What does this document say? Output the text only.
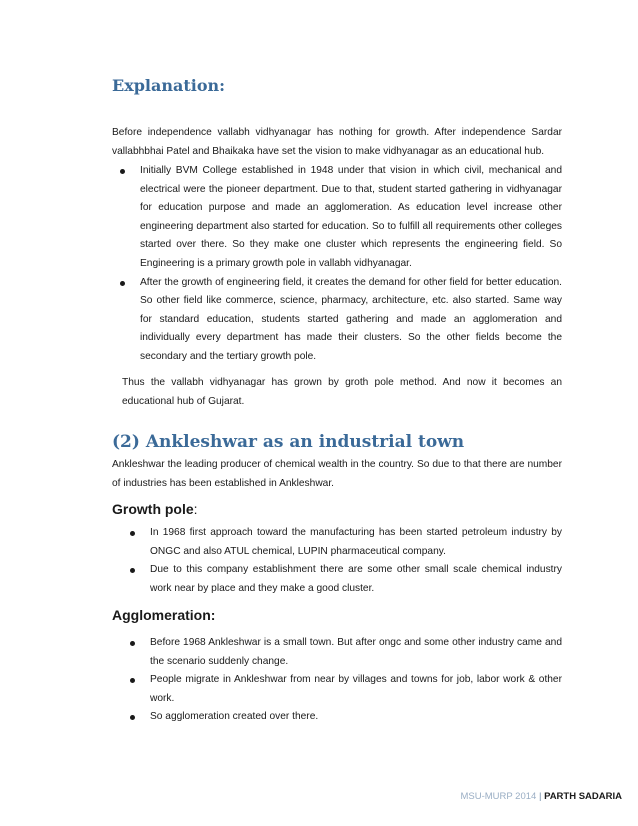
Explanation:

Before independence vallabh vidhyanagar has nothing for growth. After independence Sardar vallabhbhai Patel and Bhaikaka have set the vision to make vidhyanagar as an educational hub.

Initially BVM College established in 1948 under that vision in which civil, mechanical and electrical were the pioneer department. Due to that, student started gathering in vidhyanagar for education purpose and made an agglomeration. As education level increase other engineering department also started for education. So to fulfill all requirements other colleges started over there. So they make one cluster which represents the engineering field. So Engineering is a primary growth pole in vallabh vidhyanagar.
After the growth of engineering field, it creates the demand for other field for better education. So other field like commerce, science, pharmacy, architecture, etc. also started. Same way for standard education, students started gathering and made an agglomeration and individually every department has made their clusters. So the other fields become the secondary and the tertiary growth pole.

Thus the vallabh vidhyanagar has grown by groth pole method. And now it becomes an educational hub of Gujarat.

(2) Ankleshwar as an industrial town

Ankleshwar the leading producer of chemical wealth in the country. So due to that there are number of industries has been established in Ankleshwar.

Growth pole:
In 1968 first approach toward the manufacturing has been started petroleum industry by ONGC and also ATUL chemical, LUPIN pharmaceutical company.
Due to this company establishment there are some other small scale chemical industry work near by place and they make a good cluster.
Agglomeration:
Before 1968 Ankleshwar is a small town. But after ongc and some other industry came and the scenario suddenly change.
People migrate in Ankleshwar from near by villages and towns for job, labor work & other work.
So agglomeration created over there.
MSU-MURP 2014 | PARTH SADARIA
